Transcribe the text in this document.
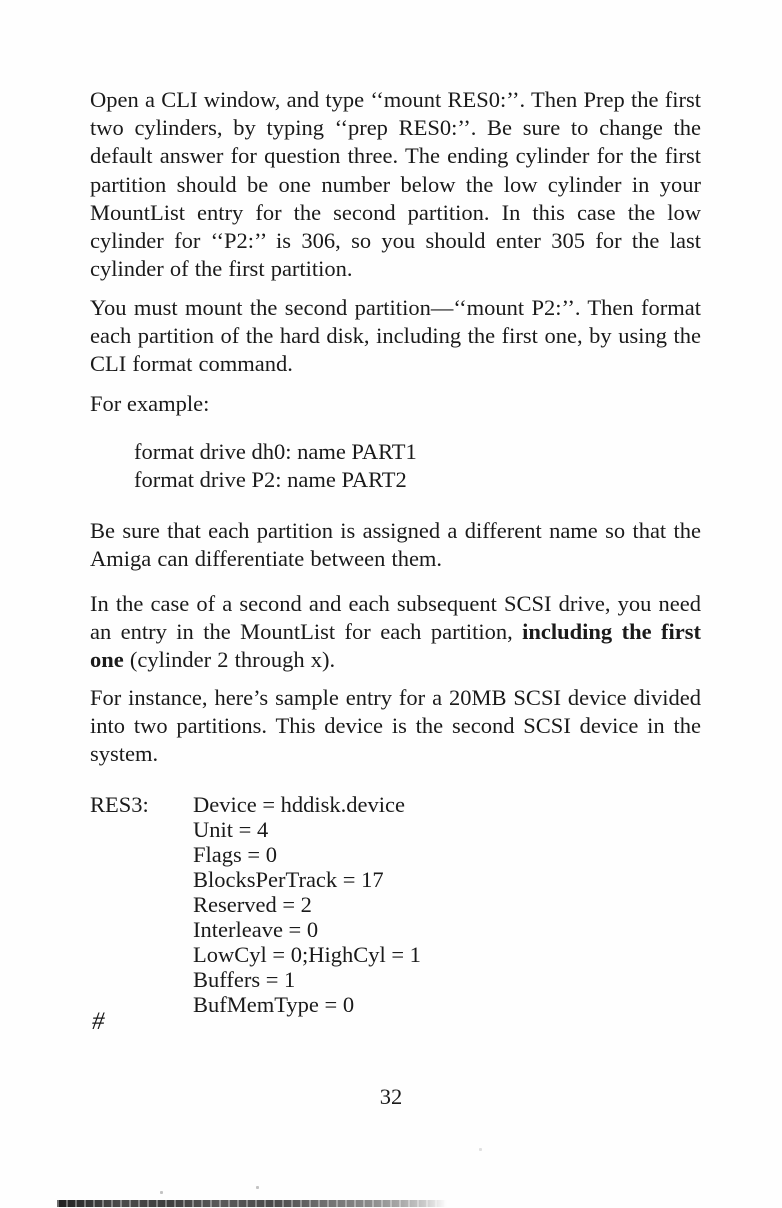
Open a CLI window, and type ‘‘mount RES0:’’. Then Prep the first two cylinders, by typing ‘‘prep RES0:’’. Be sure to change the default answer for question three. The ending cylinder for the first partition should be one number below the low cylinder in your MountList entry for the second partition. In this case the low cylinder for ‘‘P2:’’ is 306, so you should enter 305 for the last cylinder of the first partition.

You must mount the second partition—‘‘mount P2:’’. Then format each partition of the hard disk, including the first one, by using the CLI format command.

For example:

format drive dh0: name PART1
format drive P2: name PART2

Be sure that each partition is assigned a different name so that the Amiga can differentiate between them.

In the case of a second and each subsequent SCSI drive, you need an entry in the MountList for each partition, including the first one (cylinder 2 through x).

For instance, here’s sample entry for a 20MB SCSI device divided into two partitions. This device is the second SCSI device in the system.

RES3:	Device = hddisk.device
Unit = 4
Flags = 0
BlocksPerTrack = 17
Reserved = 2
Interleave = 0
LowCyl = 0;HighCyl = 1
Buffers = 1
BufMemType = 0
#
32
